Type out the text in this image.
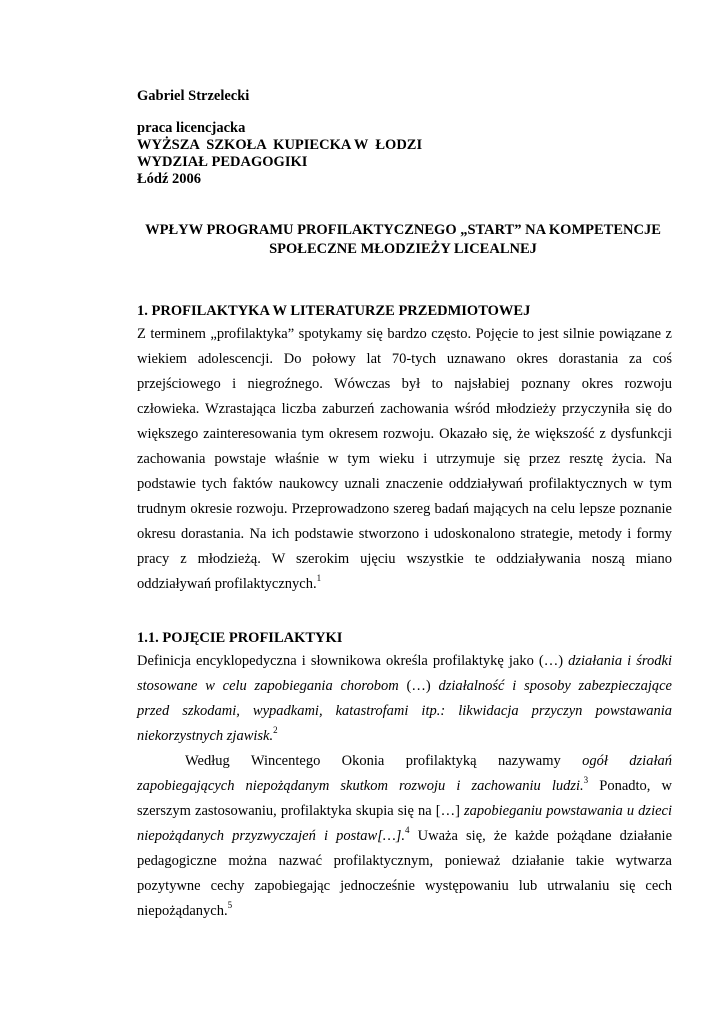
Gabriel Strzelecki
praca licencjacka
WYŻSZA  SZKOŁA  KUPIECKA W  ŁODZI
WYDZIAŁ PEDAGOGIKI
Łódź 2006
WPŁYW PROGRAMU PROFILAKTYCZNEGO „START” NA KOMPETENCJE
SPOŁECZNE MŁODZIEŻY LICEALNEJ
1. PROFILAKTYKA W LITERATURZE PRZEDMIOTOWEJ

Z terminem „profilaktyka” spotykamy się bardzo często. Pojęcie to jest silnie powiązane z

wiekiem adolescencji. Do połowy lat 70-tych uznawano okres dorastania za coś

przejściowego i niegroźnego. Wówczas był to najsłabiej poznany okres rozwoju

człowieka. Wzrastająca liczba zaburzeń zachowania wśród młodzieży przyczyniła się do

większego zainteresowania tym okresem rozwoju. Okazało się, że większość z dysfunkcji

zachowania powstaje właśnie w tym wieku i utrzymuje się przez resztę życia. Na

podstawie tych faktów naukowcy uznali znaczenie oddziaływań profilaktycznych w tym

trudnym okresie rozwoju. Przeprowadzono szereg badań mających na celu lepsze poznanie

okresu dorastania. Na ich podstawie stworzono i udoskonalono strategie, metody i formy

pracy z młodzieżą. W szerokim ujęciu wszystkie te oddziaływania noszą miano

oddziaływań profilaktycznych.$^1$

1.1. POJĘCIE PROFILAKTYKI

Definicja encyklopedyczna i słownikowa określa profilaktykę jako (…) działania i środki

stosowane w celu zapobiegania chorobom (…) działalność i sposoby zabezpieczające

przed szkodami, wypadkami, katastrofami itp.: likwidacja przyczyn powstawania

niekorzystnych zjawisk.$^2$

Według Wincentego Okonia profilaktyką nazywamy ogół działań

zapobiegających niepożądanym skutkom rozwoju i zachowaniu ludzi.$^3$ Ponadto, w

szerszym zastosowaniu, profilaktyka skupia się na […] zapobieganiu powstawania u dzieci

niepożądanych przyzwyczajeń i postaw[…].$^4$ Uważa się, że każde pożądane działanie

pedagogiczne można nazwać profilaktycznym, ponieważ działanie takie wytwarza

pozytywne cechy zapobiegając jednocześnie występowaniu lub utrwalaniu się cech

niepożądanych.$^5$
